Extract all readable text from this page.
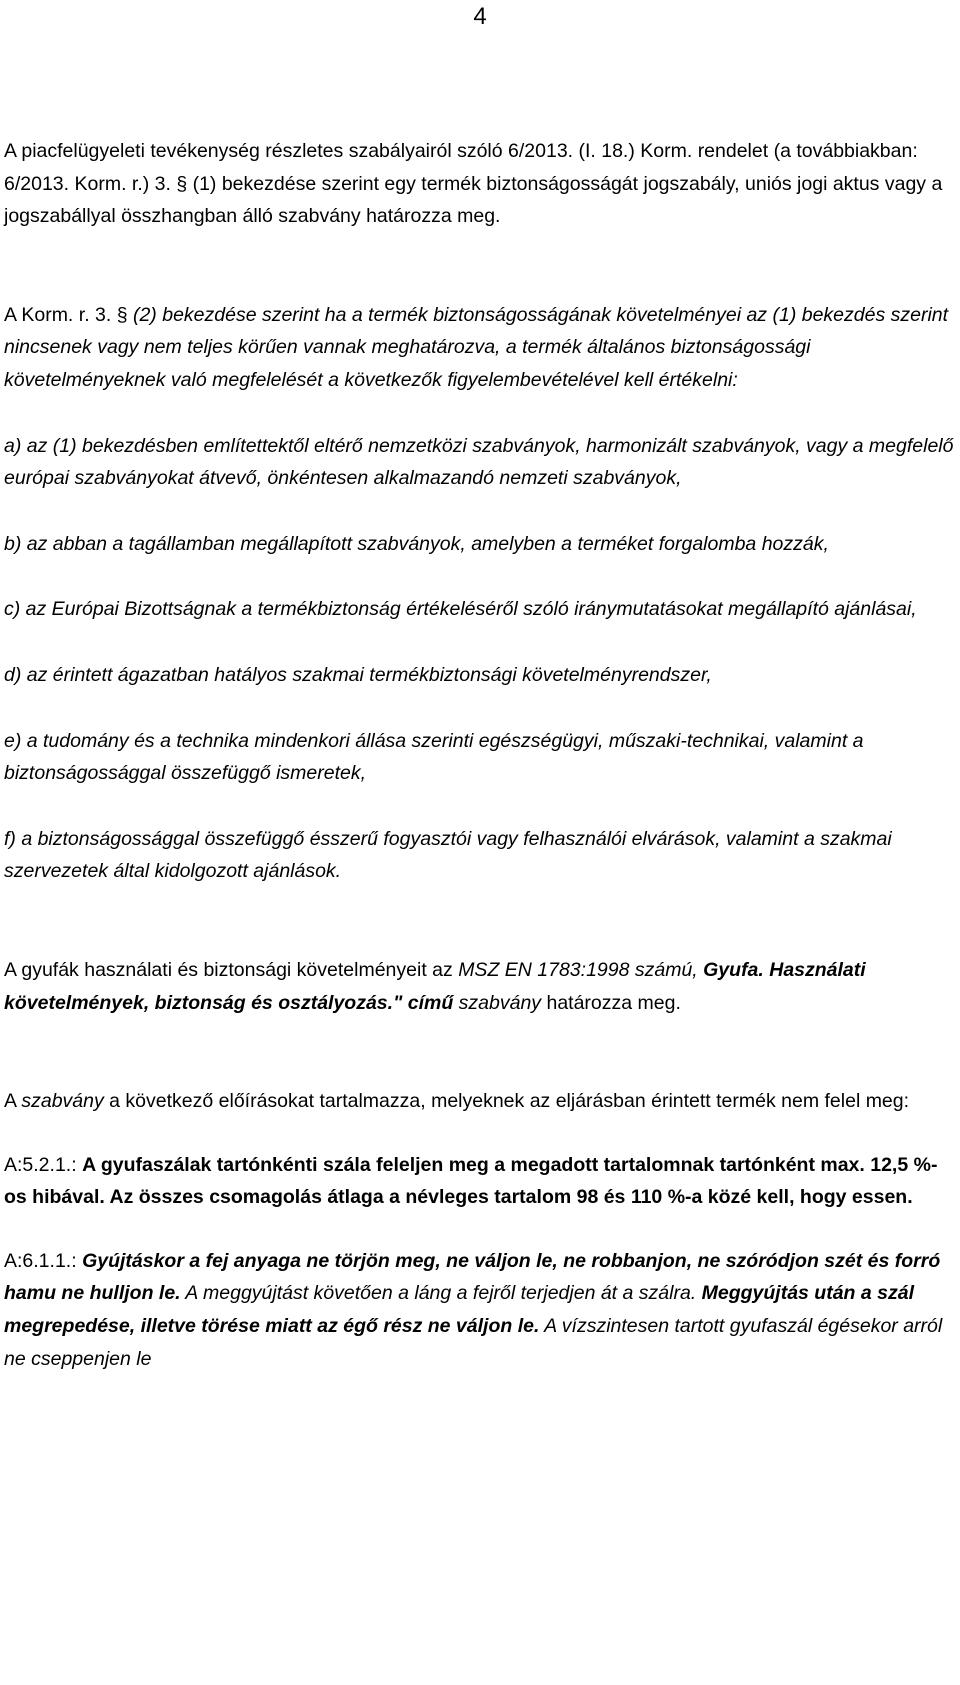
4

A piacfelügyeleti tevékenység részletes szabályairól szóló 6/2013. (I. 18.) Korm. rendelet (a továbbiakban: 6/2013. Korm. r.) 3. § (1) bekezdése szerint egy termék biztonságosságát jogszabály, uniós jogi aktus vagy a jogszabállyal összhangban álló szabvány határozza meg.

A Korm. r. 3. § (2) bekezdése szerint ha a termék biztonságosságának követelményei az (1) bekezdés szerint nincsenek vagy nem teljes körűen vannak meghatározva, a termék általános biztonságossági követelményeknek való megfelelését a következők figyelembevételével kell értékelni:

a) az (1) bekezdésben említettektől eltérő nemzetközi szabványok, harmonizált szabványok, vagy a megfelelő európai szabványokat átvevő, önkéntesen alkalmazandó nemzeti szabványok,

b) az abban a tagállamban megállapított szabványok, amelyben a terméket forgalomba hozzák,

c) az Európai Bizottságnak a termékbiztonság értékeléséről szóló iránymutatásokat megállapító ajánlásai,

d) az érintett ágazatban hatályos szakmai termékbiztonsági követelményrendszer,

e) a tudomány és a technika mindenkori állása szerinti egészségügyi, műszaki-technikai, valamint a biztonságossággal összefüggő ismeretek,

f) a biztonságossággal összefüggő ésszerű fogyasztói vagy felhasználói elvárások, valamint a szakmai szervezetek által kidolgozott ajánlások.

A gyufák használati és biztonsági követelményeit az MSZ EN 1783:1998 számú, Gyufa. Használati követelmények, biztonság és osztályozás." című szabvány határozza meg.

A szabvány a következő előírásokat tartalmazza, melyeknek az eljárásban érintett termék nem felel meg:

A:5.2.1.: A gyufaszálak tartónkénti szála feleljen meg a megadott tartalomnak tartónként max. 12,5 %-os hibával. Az összes csomagolás átlaga a névleges tartalom 98 és 110 %-a közé kell, hogy essen.

A:6.1.1.: Gyújtáskor a fej anyaga ne törjön meg, ne váljon le, ne robbanjon, ne szóródjon szét és forró hamu ne hulljon le. A meggyújtást követően a láng a fejről terjedjen át a szálra. Meggyújtás után a szál megrepedése, illetve törése miatt az égő rész ne váljon le. A vízszintesen tartott gyufaszál égésekor arról ne cseppenjen le
